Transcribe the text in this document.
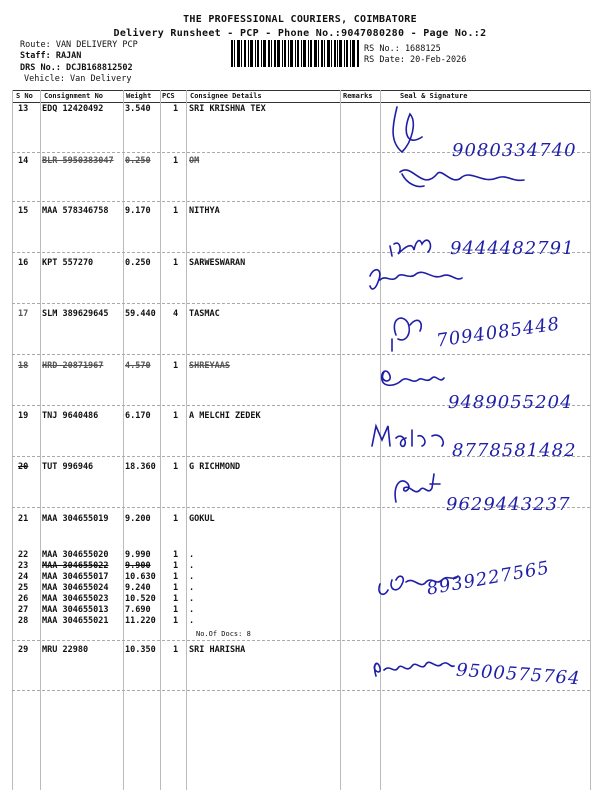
THE PROFESSIONAL COURIERS, COIMBATORE
Delivery Runsheet - PCP - Phone No.:9047080280 - Page No.:2
Route: VAN DELIVERY PCP
Staff: RAJAN
DRS No.: DCJB168812502
Vehicle: Van Delivery
RS No.: 1688125
RS Date: 20-Feb-2026
S No Consignment No	Weight PCS Consignee Details	Remarks	Seal & Signature
13 EDQ 12420492	3.540	1 SRI KRISHNA TEX
14 BLR 5950383047 0.250	1 OM
15 MAA 578346758 9.170	1 NITHYA
16 KPT 557270	0.250	1 SARWESWARAN
17 SLM 389629645 59.440 4 TASMAC
18 HRD 20871967	4.570	1 SHREYAAS
19 TNJ 9640486	6.170	1 A MELCHI ZEDEK
20 TUT 996946	18.360 1 G RICHMOND
21 MAA 304655019 9.200	1 GOKUL
22 MAA 304655020 9.990	1 .
23 MAA 304655022 9.900	1 .
24 MAA 304655017 10.630 1 .
25 MAA 304655024 9.240	1 .
26 MAA 304655023 10.520 1 .
27 MAA 304655013 7.690	1 .
28 MAA 304655021 11.220 1 .
No.Of Docs: 8
29 MRU 22980	10.350 1 SRI HARISHA
9080334740
9444482791
7094085448
9489055204
8778581482
9629443237
8939227565
9500575764
